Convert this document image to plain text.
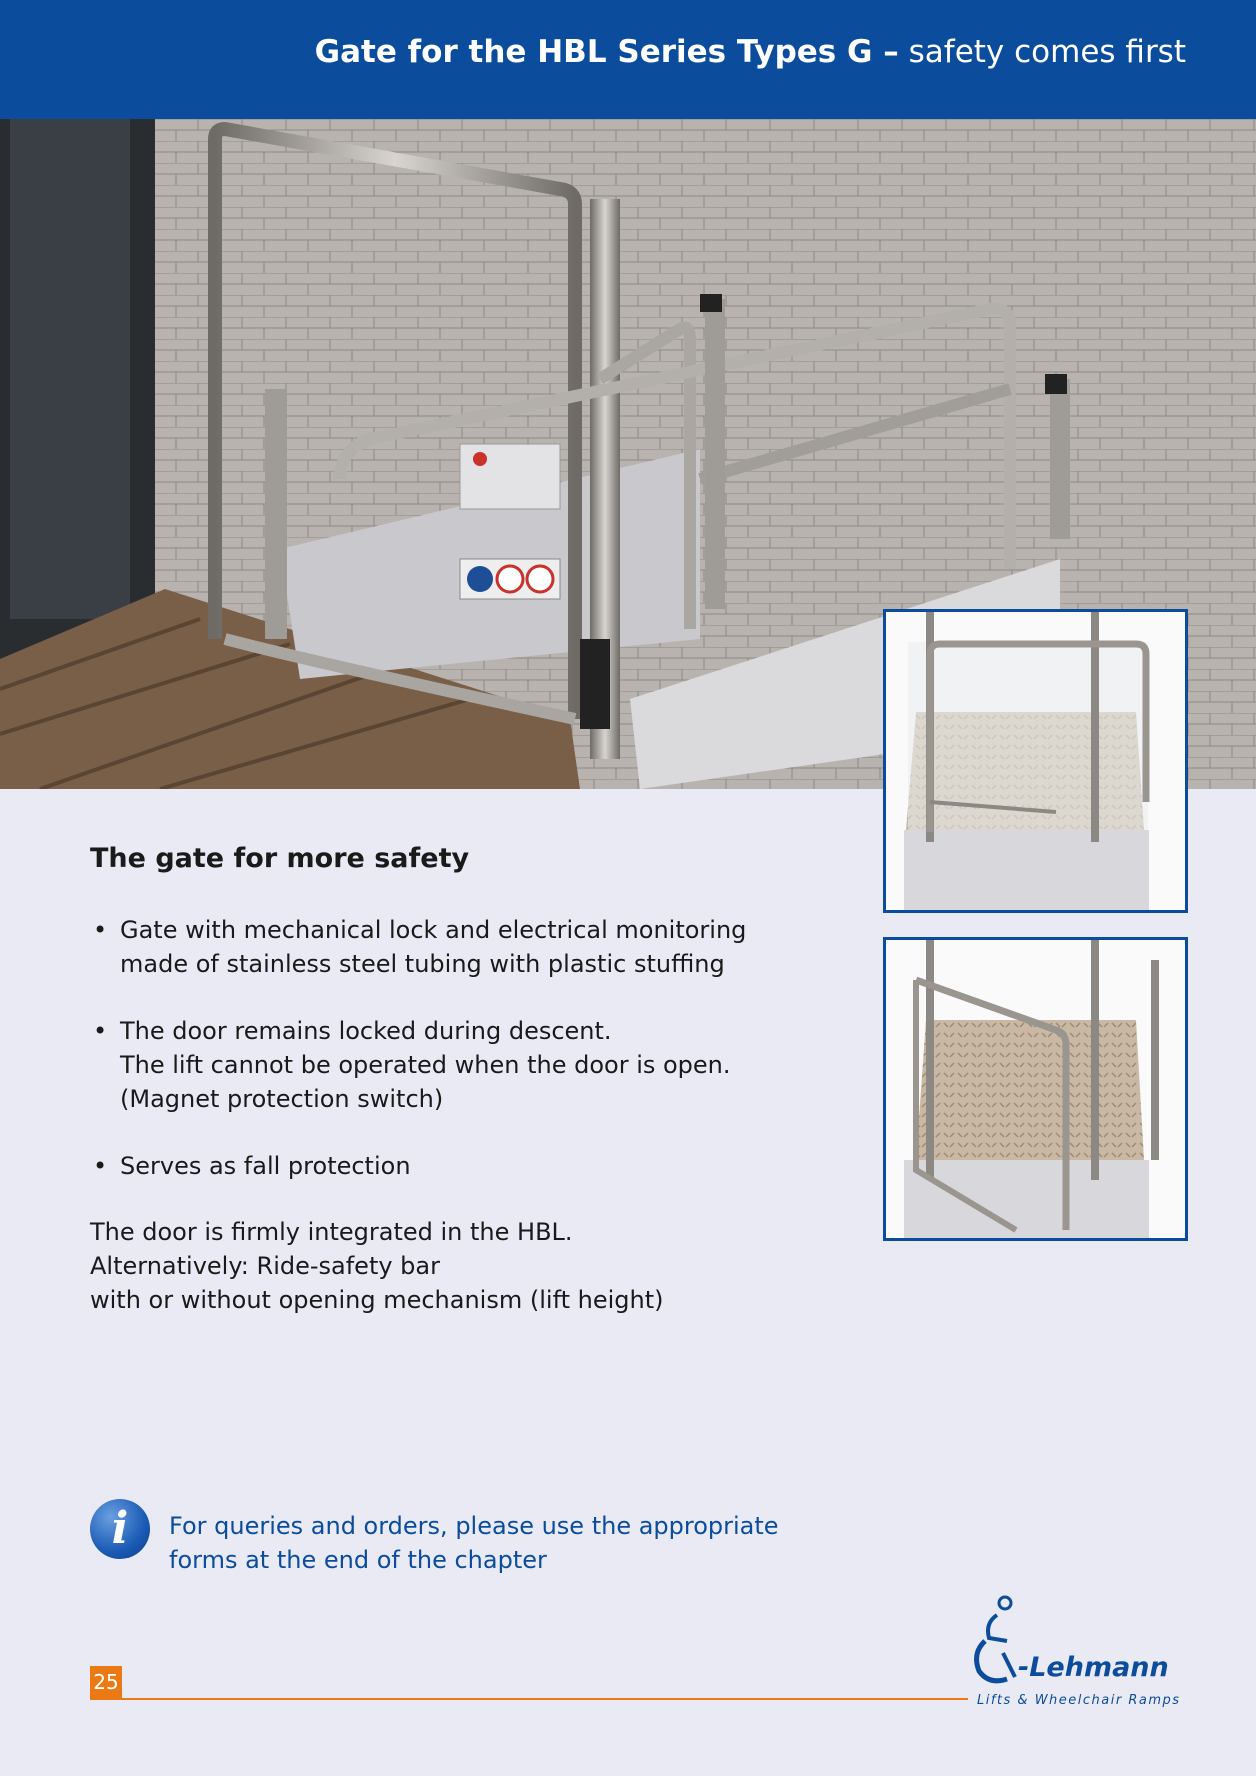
Gate for the HBL Series Types G – safety comes first
The gate for more safety
• Gate with mechanical lock and electrical monitoring
made of stainless steel tubing with plastic stuffing
• The door remains locked during descent.
The lift cannot be operated when the door is open.
(Magnet protection switch)
• Serves as fall protection
The door is firmly integrated in the HBL.
Alternatively: Ride-safety bar
with or without opening mechanism (lift height)
i	For queries and orders, please use the appropriate
forms at the end of the chapter
25	-Lehmann
Lifts & Wheelchair Ramps
